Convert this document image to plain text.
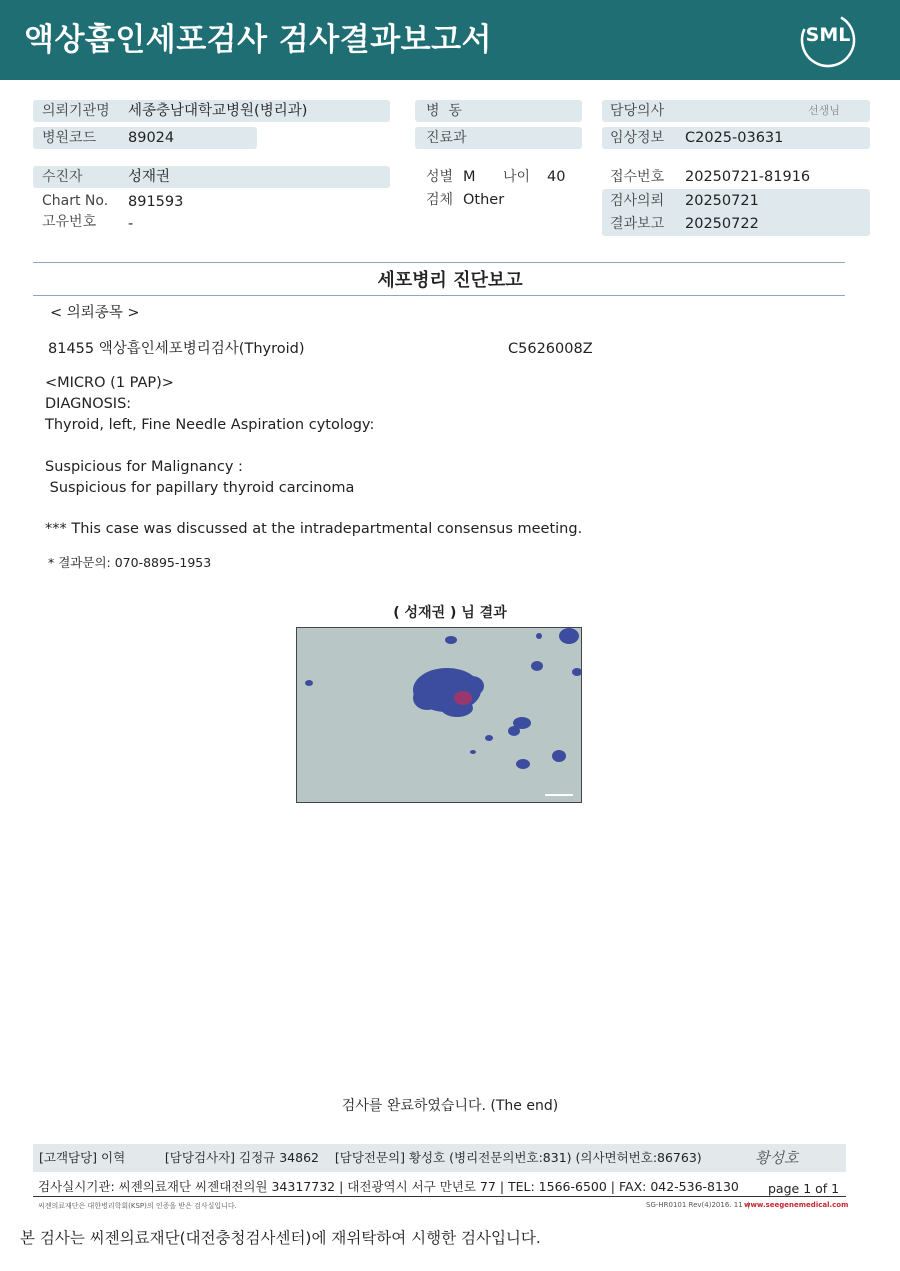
액상흡인세포검사 검사결과보고서	SML
의뢰기관명 세종충남대학교병원(병리과)
병원코드 89024
수진자	성재권
Chart No. 891593
고유번호 -
병  동
진료과
성별 M 나이 40
검체 Other
담당의사	선생님
임상정보 C2025-03631
접수번호 20250721-81916
검사의뢰 20250721
결과보고 20250722
세포병리 진단보고
< 의뢰종목 >
81455 액상흡인세포병리검사(Thyroid)	C5626008Z
<MICRO (1 PAP)>
DIAGNOSIS:
Thyroid, left, Fine Needle Aspiration cytology:
Suspicious for Malignancy :
Suspicious for papillary thyroid carcinoma
*** This case was discussed at the intradepartmental consensus meeting.
* 결과문의: 070-8895-1953
( 성재권 ) 님 결과
검사를 완료하였습니다. (The end)
[고객담당] 이혁          [담당검사자] 김정규 34862    [담당전문의] 황성호 (병리전문의번호:831) (의사면허번호:86763)	황성호
검사실시기관: 씨젠의료재단 씨젠대전의원 34317732 | 대전광역시 서구 만년로 77 | TEL: 1566-6500 | FAX: 042-536-8130 page 1 of 1
씨젠의료재단은 대한병리학회(KSP)의 인증을 받은 검사실입니다.	SG-HR0101 Rev(4)2016. 11  |
www.seegenemedical.com
본 검사는 씨젠의료재단(대전충청검사센터)에 재위탁하여 시행한 검사입니다.
